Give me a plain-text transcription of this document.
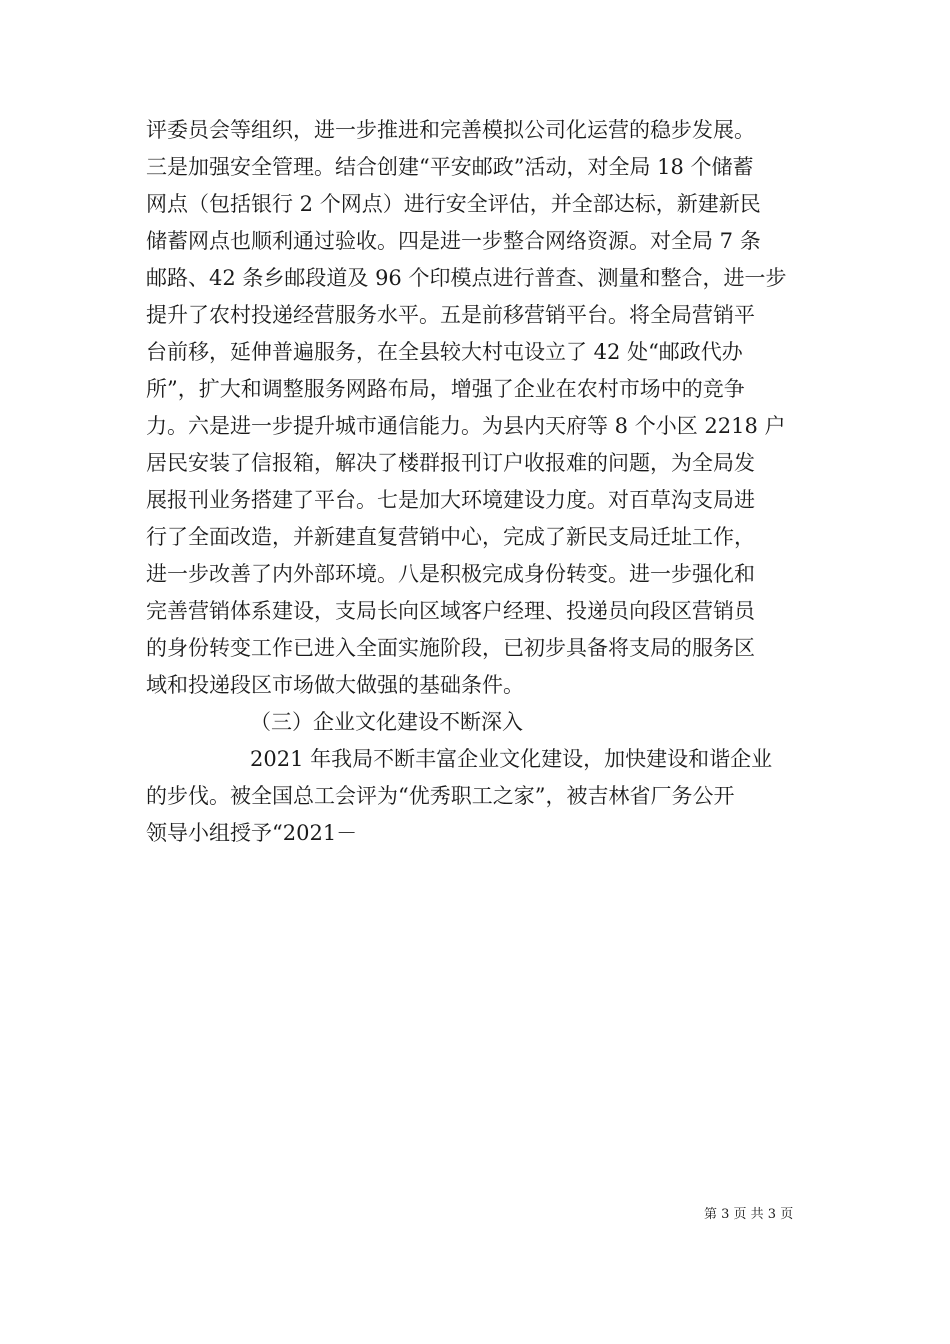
评委员会等组织，进一步推进和完善模拟公司化运营的稳步发展。
三是加强安全管理。结合创建“平安邮政”活动，对全局 18 个储蓄
网点（包括银行 2 个网点）进行安全评估，并全部达标，新建新民
储蓄网点也顺利通过验收。四是进一步整合网络资源。对全局 7 条
邮路、42 条乡邮段道及 96 个印模点进行普查、测量和整合，进一步
提升了农村投递经营服务水平。五是前移营销平台。将全局营销平
台前移，延伸普遍服务，在全县较大村屯设立了 42 处“邮政代办
所”，扩大和调整服务网路布局，增强了企业在农村市场中的竞争
力。六是进一步提升城市通信能力。为县内天府等 8 个小区 2218 户
居民安装了信报箱，解决了楼群报刊订户收报难的问题，为全局发
展报刊业务搭建了平台。七是加大环境建设力度。对百草沟支局进
行了全面改造，并新建直复营销中心，完成了新民支局迁址工作，
进一步改善了内外部环境。八是积极完成身份转变。进一步强化和
完善营销体系建设，支局长向区域客户经理、投递员向段区营销员
的身份转变工作已进入全面实施阶段，已初步具备将支局的服务区
域和投递段区市场做大做强的基础条件。
（三）企业文化建设不断深入
2021 年我局不断丰富企业文化建设，加快建设和谐企业
的步伐。被全国总工会评为“优秀职工之家”，被吉林省厂务公开
领导小组授予“2021－
第 3 页 共 3 页
